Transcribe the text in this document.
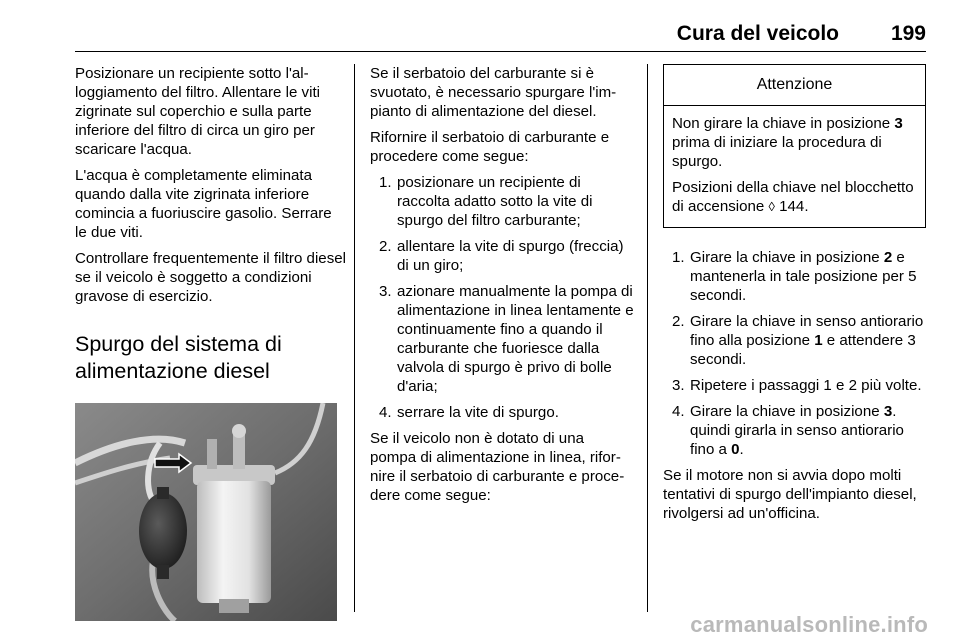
Cura del veicolo 199

Posizionare un recipiente sotto l'alloggiamento del filtro. Allentare le viti zigrinate sul coperchio e sulla parte inferiore del filtro di circa un giro per scaricare l'acqua.

L'acqua è completamente eliminata quando dalla vite zigrinata inferiore comincia a fuoriuscire gasolio. Serrare le due viti.

Controllare frequentemente il filtro diesel se il veicolo è soggetto a condizioni gravose di esercizio.

Spurgo del sistema di alimentazione diesel

Se il serbatoio del carburante si è svuotato, è necessario spurgare l'impianto di alimentazione del diesel.

Rifornire il serbatoio di carburante e procedere come segue:

1. posizionare un recipiente di raccolta adatto sotto la vite di spurgo del filtro carburante;
2. allentare la vite di spurgo (freccia) di un giro;
3. azionare manualmente la pompa di alimentazione in linea lentamente e continuamente fino a quando il carburante che fuoriesce dalla valvola di spurgo è privo di bolle d'aria;
4. serrare la vite di spurgo.

Se il veicolo non è dotato di una pompa di alimentazione in linea, rifornire il serbatoio di carburante e procedere come segue:

Attenzione

Non girare la chiave in posizione 3 prima di iniziare la procedura di spurgo.

Posizioni della chiave nel blocchetto di accensione ◊ 144.

1. Girare la chiave in posizione 2 e mantenerla in tale posizione per 5 secondi.
2. Girare la chiave in senso antiorario fino alla posizione 1 e attendere 3 secondi.
3. Ripetere i passaggi 1 e 2 più volte.
4. Girare la chiave in posizione 3. quindi girarla in senso antiorario fino a 0.

Se il motore non si avvia dopo molti tentativi di spurgo dell'impianto diesel, rivolgersi ad un'officina.

carmanualsonline.info
